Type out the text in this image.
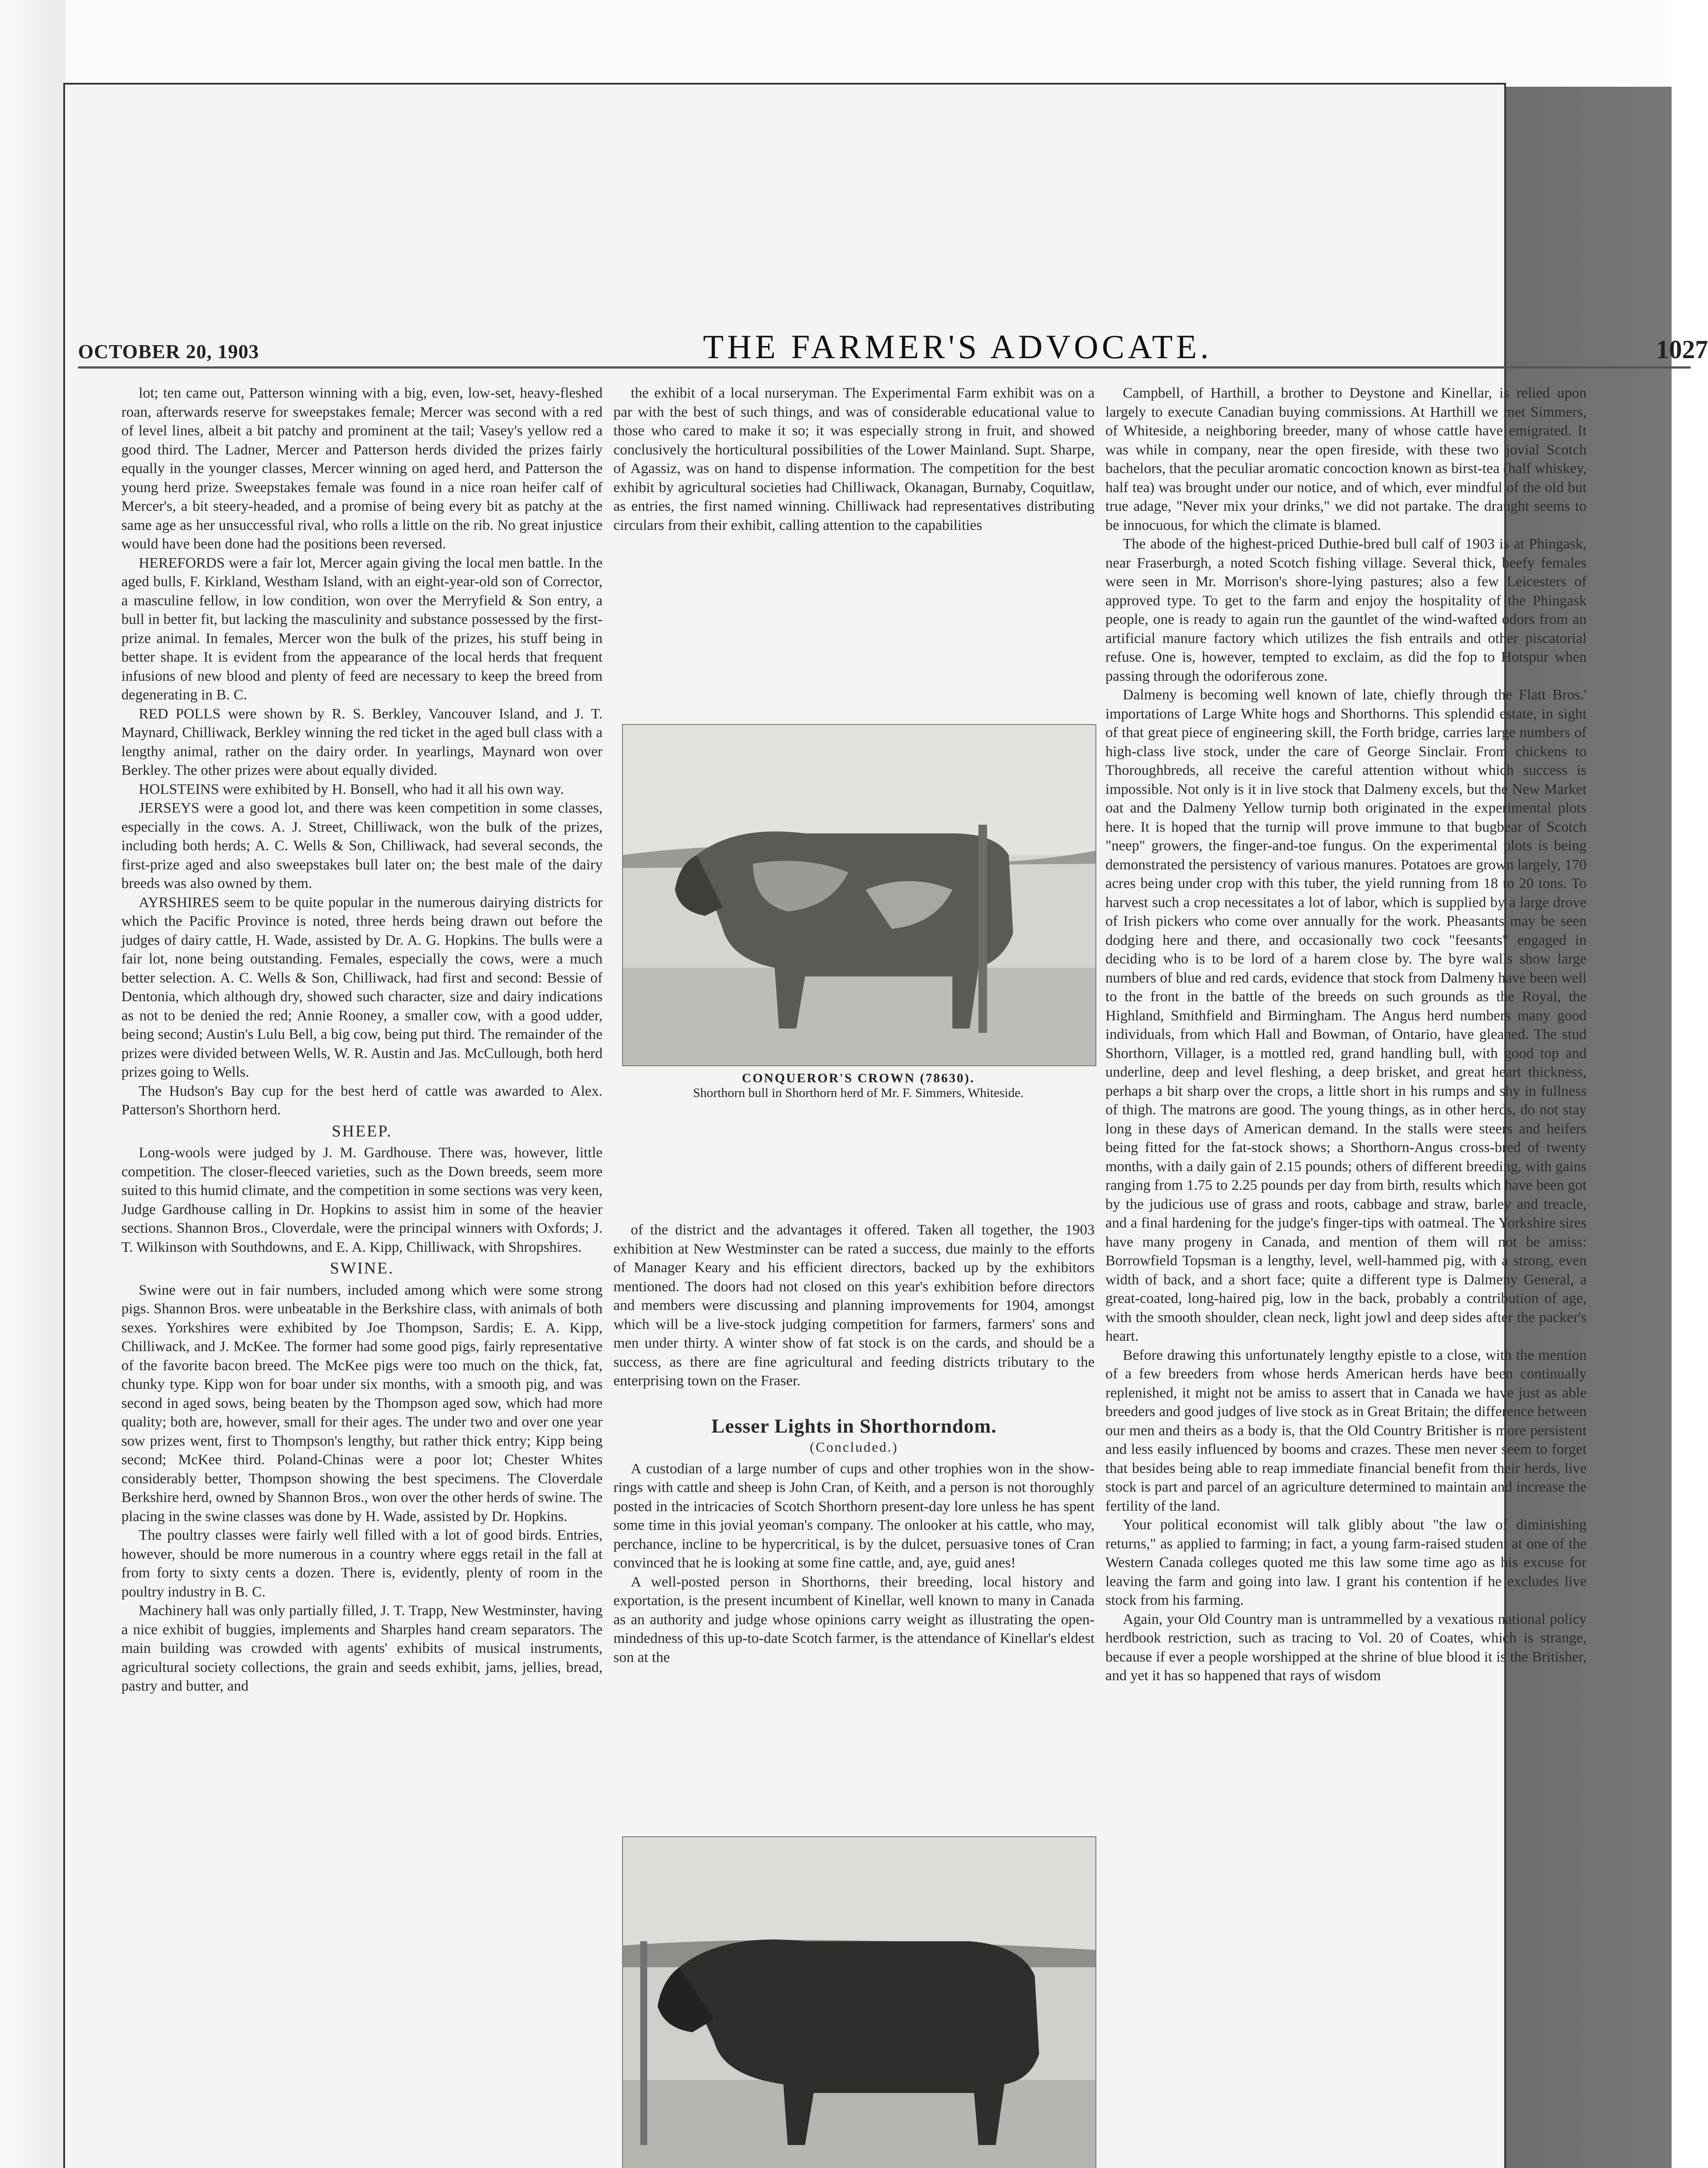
OCTOBER 20, 1903	THE FARMER'S ADVOCATE.	1027

lot; ten came out, Patterson winning with a big, even, low-set, heavy-fleshed roan, afterwards reserve for sweepstakes female; Mercer was second with a red of level lines, albeit a bit patchy and prominent at the tail; Vasey's yellow red a good third. The Ladner, Mercer and Patterson herds divided the prizes fairly equally in the younger classes, Mercer winning on aged herd, and Patterson the young herd prize. Sweepstakes female was found in a nice roan heifer calf of Mercer's, a bit steery-headed, and a promise of being every bit as patchy at the same age as her unsuccessful rival, who rolls a little on the rib. No great injustice would have been done had the positions been reversed.

HEREFORDS were a fair lot, Mercer again giving the local men battle. In the aged bulls, F. Kirkland, Westham Island, with an eight-year-old son of Corrector, a masculine fellow, in low condition, won over the Merryfield & Son entry, a bull in better fit, but lacking the masculinity and substance possessed by the first-prize animal. In females, Mercer won the bulk of the prizes, his stuff being in better shape. It is evident from the appearance of the local herds that frequent infusions of new blood and plenty of feed are necessary to keep the breed from degenerating in B. C.

RED POLLS were shown by R. S. Berkley, Vancouver Island, and J. T. Maynard, Chilliwack, Berkley winning the red ticket in the aged bull class with a lengthy animal, rather on the dairy order. In yearlings, Maynard won over Berkley. The other prizes were about equally divided.

HOLSTEINS were exhibited by H. Bonsell, who had it all his own way.

JERSEYS were a good lot, and there was keen competition in some classes, especially in the cows. A. J. Street, Chilliwack, won the bulk of the prizes, including both herds; A. C. Wells & Son, Chilliwack, had several seconds, the first-prize aged and also sweepstakes bull later on; the best male of the dairy breeds was also owned by them.

AYRSHIRES seem to be quite popular in the numerous dairying districts for which the Pacific Province is noted, three herds being drawn out before the judges of dairy cattle, H. Wade, assisted by Dr. A. G. Hopkins. The bulls were a fair lot, none being outstanding. Females, especially the cows, were a much better selection. A. C. Wells & Son, Chilliwack, had first and second: Bessie of Dentonia, which although dry, showed such character, size and dairy indications as not to be denied the red; Annie Rooney, a smaller cow, with a good udder, being second; Austin's Lulu Bell, a big cow, being put third. The remainder of the prizes were divided between Wells, W. R. Austin and Jas. McCullough, both herd prizes going to Wells.

The Hudson's Bay cup for the best herd of cattle was awarded to Alex. Patterson's Shorthorn herd.

SHEEP.

Long-wools were judged by J. M. Gardhouse. There was, however, little competition. The closer-fleeced varieties, such as the Down breeds, seem more suited to this humid climate, and the competition in some sections was very keen, Judge Gardhouse calling in Dr. Hopkins to assist him in some of the heavier sections. Shannon Bros., Cloverdale, were the principal winners with Oxfords; J. T. Wilkinson with Southdowns, and E. A. Kipp, Chilliwack, with Shropshires.

SWINE.

Swine were out in fair numbers, included among which were some strong pigs. Shannon Bros. were unbeatable in the Berkshire class, with animals of both sexes. Yorkshires were exhibited by Joe Thompson, Sardis; E. A. Kipp, Chilliwack, and J. McKee. The former had some good pigs, fairly representative of the favorite bacon breed. The McKee pigs were too much on the thick, fat, chunky type. Kipp won for boar under six months, with a smooth pig, and was second in aged sows, being beaten by the Thompson aged sow, which had more quality; both are, however, small for their ages. The under two and over one year sow prizes went, first to Thompson's lengthy, but rather thick entry; Kipp being second; McKee third. Poland-Chinas were a poor lot; Chester Whites considerably better, Thompson showing the best specimens. The Cloverdale Berkshire herd, owned by Shannon Bros., won over the other herds of swine. The placing in the swine classes was done by H. Wade, assisted by Dr. Hopkins.

The poultry classes were fairly well filled with a lot of good birds. Entries, however, should be more numerous in a country where eggs retail in the fall at from forty to sixty cents a dozen. There is, evidently, plenty of room in the poultry industry in B. C.

Machinery hall was only partially filled, J. T. Trapp, New Westminster, having a nice exhibit of buggies, implements and Sharples hand cream separators. The main building was crowded with agents' exhibits of musical instruments, agricultural society collections, the grain and seeds exhibit, jams, jellies, bread, pastry and butter, and

the exhibit of a local nurseryman. The Experimental Farm exhibit was on a par with the best of such things, and was of considerable educational value to those who cared to make it so; it was especially strong in fruit, and showed conclusively the horticultural possibilities of the Lower Mainland. Supt. Sharpe, of Agassiz, was on hand to dispense information. The competition for the best exhibit by agricultural societies had Chilliwack, Okanagan, Burnaby, Coquitlaw, as entries, the first named winning. Chilliwack had representatives distributing circulars from their exhibit, calling attention to the capabilities

CONQUEROR'S CROWN (78630).
Shorthorn bull in Shorthorn herd of Mr. F. Simmers, Whiteside.

of the district and the advantages it offered. Taken all together, the 1903 exhibition at New Westminster can be rated a success, due mainly to the efforts of Manager Keary and his efficient directors, backed up by the exhibitors mentioned. The doors had not closed on this year's exhibition before directors and members were discussing and planning improvements for 1904, amongst which will be a live-stock judging competition for farmers, farmers' sons and men under thirty. A winter show of fat stock is on the cards, and should be a success, as there are fine agricultural and feeding districts tributary to the enterprising town on the Fraser.

Lesser Lights in Shorthorndom.

(Concluded.)

A custodian of a large number of cups and other trophies won in the show-rings with cattle and sheep is John Cran, of Keith, and a person is not thoroughly posted in the intricacies of Scotch Shorthorn present-day lore unless he has spent some time in this jovial yeoman's company. The onlooker at his cattle, who may, perchance, incline to be hypercritical, is by the dulcet, persuasive tones of Cran convinced that he is looking at some fine cattle, and, aye, guid anes!

A well-posted person in Shorthorns, their breeding, local history and exportation, is the present incumbent of Kinellar, well known to many in Canada as an authority and judge whose opinions carry weight as illustrating the open-mindedness of this up-to-date Scotch farmer, is the attendance of Kinellar's eldest son at the

Campbell, of Harthill, a brother to Deystone and Kinellar, is relied upon largely to execute Canadian buying commissions. At Harthill we met Simmers, of Whiteside, a neighboring breeder, many of whose cattle have emigrated. It was while in company, near the open fireside, with these two jovial Scotch bachelors, that the peculiar aromatic concoction known as birst-tea (half whiskey, half tea) was brought under our notice, and of which, ever mindful of the old but true adage, "Never mix your drinks," we did not partake. The draught seems to be innocuous, for which the climate is blamed.

The abode of the highest-priced Duthie-bred bull calf of 1903 is at Phingask, near Fraserburgh, a noted Scotch fishing village. Several thick, beefy females were seen in Mr. Morrison's shore-lying pastures; also a few Leicesters of approved type. To get to the farm and enjoy the hospitality of the Phingask people, one is ready to again run the gauntlet of the wind-wafted odors from an artificial manure factory which utilizes the fish entrails and other piscatorial refuse. One is, however, tempted to exclaim, as did the fop to Hotspur when passing through the odoriferous zone.

Dalmeny is becoming well known of late, chiefly through the Flatt Bros.' importations of Large White hogs and Shorthorns. This splendid estate, in sight of that great piece of engineering skill, the Forth bridge, carries large numbers of high-class live stock, under the care of George Sinclair. From chickens to Thoroughbreds, all receive the careful attention without which success is impossible. Not only is it in live stock that Dalmeny excels, but the New Market oat and the Dalmeny Yellow turnip both originated in the experimental plots here. It is hoped that the turnip will prove immune to that bugbear of Scotch "neep" growers, the finger-and-toe fungus. On the experimental plots is being demonstrated the persistency of various manures. Potatoes are grown largely, 170 acres being under crop with this tuber, the yield running from 18 to 20 tons. To harvest such a crop necessitates a lot of labor, which is supplied by a large drove of Irish pickers who come over annually for the work. Pheasants may be seen dodging here and there, and occasionally two cock "feesants" engaged in deciding who is to be lord of a harem close by. The byre walls show large numbers of blue and red cards, evidence that stock from Dalmeny have been well to the front in the battle of the breeds on such grounds as the Royal, the Highland, Smithfield and Birmingham. The Angus herd numbers many good individuals, from which Hall and Bowman, of Ontario, have gleaned. The stud Shorthorn, Villager, is a mottled red, grand handling bull, with good top and underline, deep and level fleshing, a deep brisket, and great heart thickness, perhaps a bit sharp over the crops, a little short in his rumps and shy in fullness of thigh. The matrons are good. The young things, as in other herds, do not stay long in these days of American demand. In the stalls were steers and heifers being fitted for the fat-stock shows; a Shorthorn-Angus cross-bred of twenty months, with a daily gain of 2.15 pounds; others of different breeding, with gains ranging from 1.75 to 2.25 pounds per day from birth, results which have been got by the judicious use of grass and roots, cabbage and straw, barley and treacle, and a final hardening for the judge's finger-tips with oatmeal. The Yorkshire sires have many progeny in Canada, and mention of them will not be amiss: Borrowfield Topsman is a lengthy, level, well-hammed pig, with a strong, even width of back, and a short face; quite a different type is Dalmeny General, a great-coated, long-haired pig, low in the back, probably a contribution of age, with the smooth shoulder, clean neck, light jowl and deep sides after the packer's heart.

Before drawing this unfortunately lengthy epistle to a close, with the mention of a few breeders from whose herds American herds have been continually replenished, it might not be amiss to assert that in Canada we have just as able breeders and good judges of live stock as in Great Britain; the difference between our men and theirs as a body is, that the Old Country Britisher is more persistent and less easily influenced by booms and crazes. These men never seem to forget that besides being able to reap immediate financial benefit from their herds, live stock is part and parcel of an agriculture determined to maintain and increase the fertility of the land.

Your political economist will talk glibly about "the law of diminishing returns," as applied to farming; in fact, a young farm-raised student at one of the Western Canada colleges quoted me this law some time ago as his excuse for leaving the farm and going into law. I grant his contention if he excludes live stock from his farming.

Again, your Old Country man is untrammelled by a vexatious national policy herdbook restriction, such as tracing to Vol. 20 of Coates, which is strange, because if ever a people worshipped at the shrine of blue blood it is the Britisher, and yet it has so happened that rays of wisdom
